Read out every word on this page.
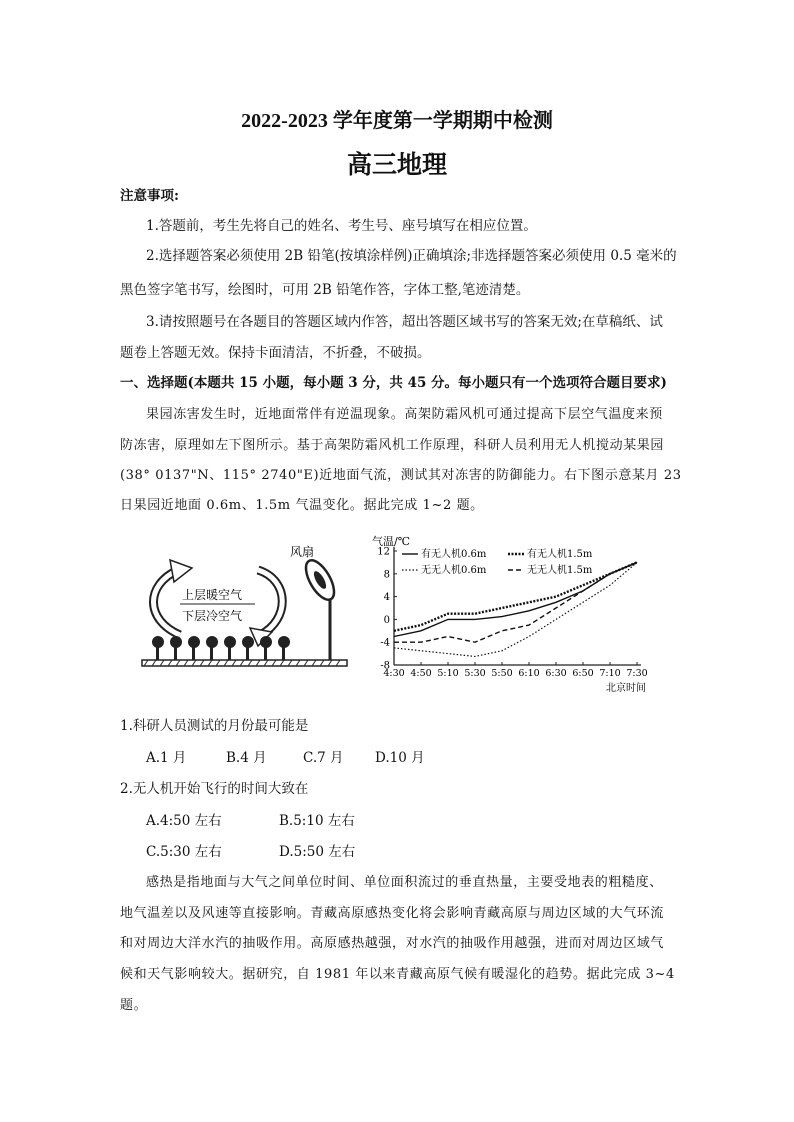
2022-2023 学年度第一学期期中检测
高三地理
注意事项:
1.答题前，考生先将自己的姓名、考生号、座号填写在相应位置。
2.选择题答案必须使用 2B 铅笔(按填涂样例)正确填涂;非选择题答案必须使用 0.5 毫米的
黑色签字笔书写，绘图时，可用 2B 铅笔作答，字体工整,笔迹清楚。
3.请按照题号在各题目的答题区域内作答，超出答题区域书写的答案无效;在草稿纸、试
题卷上答题无效。保持卡面清洁，不折叠，不破损。
一、选择题(本题共 15 小题，每小题 3 分，共 45 分。每小题只有一个选项符合题目要求)
果园冻害发生时，近地面常伴有逆温现象。高架防霜风机可通过提高下层空气温度来预
防冻害，原理如左下图所示。基于高架防霜风机工作原理，科研人员利用无人机搅动某果园
(38° 0137"N、115° 2740"E)近地面气流，测试其对冻害的防御能力。右下图示意某月 23
日果园近地面 0.6m、1.5m 气温变化。据此完成 1~2 题。
风扇
上层暖空气
下层冷空气
气温/℃
12
8
4
0
-4
-8
4:30 4:50 5:10 5:30 5:50 6:10 6:30 6:50 7:10 7:30
有无人机0.6m	有无人机1.5m
无无人机0.6m	无无人机1.5m
北京时间
1.科研人员测试的月份最可能是
A.1 月	B.4 月	C.7 月 D.10 月
2.无人机开始飞行的时间大致在
A.4:50 左右	B.5:10 左右
C.5:30 左右	D.5:50 左右
感热是指地面与大气之间单位时间、单位面积流过的垂直热量，主要受地表的粗糙度、
地气温差以及风速等直接影响。青藏高原感热变化将会影响青藏高原与周边区域的大气环流
和对周边大洋水汽的抽吸作用。高原感热越强，对水汽的抽吸作用越强，进而对周边区域气
候和天气影响较大。据研究，自 1981 年以来青藏高原气候有暖湿化的趋势。据此完成 3~4
题。
